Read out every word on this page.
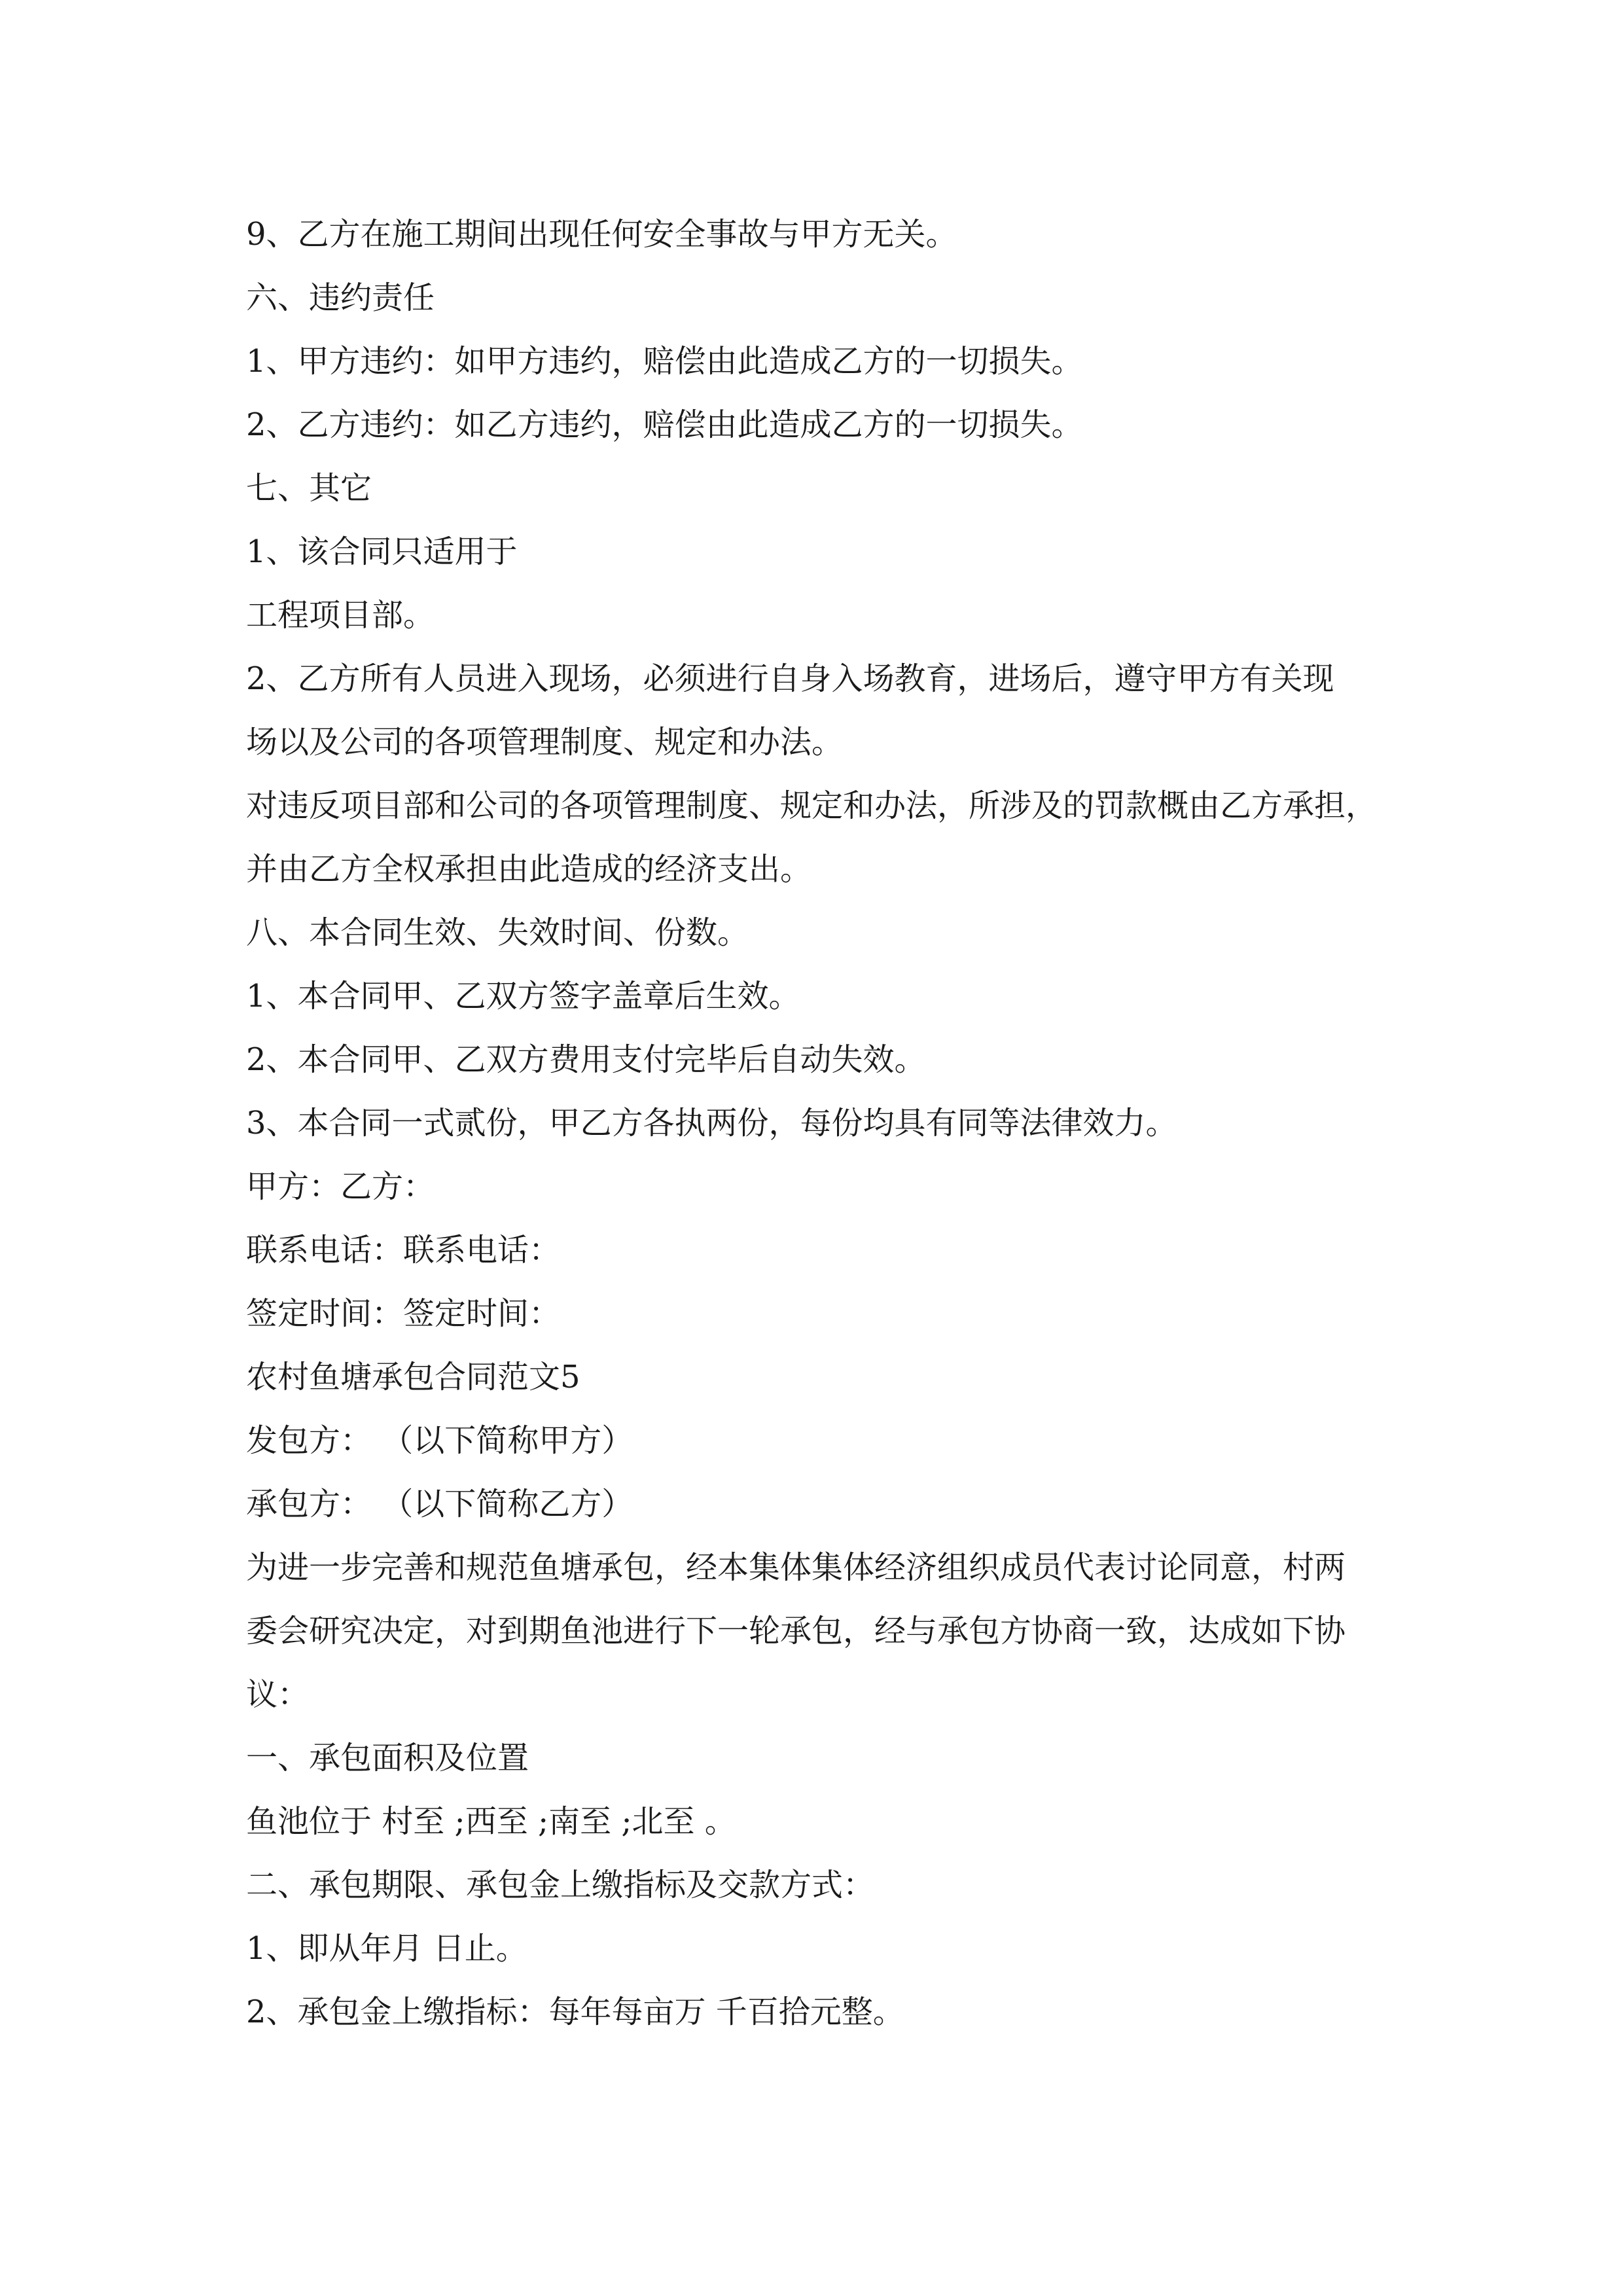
9、乙方在施工期间出现任何安全事故与甲方无关。
六、违约责任
1、甲方违约：如甲方违约，赔偿由此造成乙方的一切损失。
2、乙方违约：如乙方违约，赔偿由此造成乙方的一切损失。
七、其它
1、该合同只适用于
工程项目部。
2、乙方所有人员进入现场，必须进行自身入场教育，进场后，遵守甲方有关现
场以及公司的各项管理制度、规定和办法。
对违反项目部和公司的各项管理制度、规定和办法，所涉及的罚款概由乙方承担，
并由乙方全权承担由此造成的经济支出。
八、本合同生效、失效时间、份数。
1、本合同甲、乙双方签字盖章后生效。
2、本合同甲、乙双方费用支付完毕后自动失效。
3、本合同一式贰份，甲乙方各执两份，每份均具有同等法律效力。
甲方：乙方：
联系电话：联系电话：
签定时间：签定时间：
农村鱼塘承包合同范文5
发包方： （以下简称甲方）
承包方： （以下简称乙方）
为进一步完善和规范鱼塘承包，经本集体集体经济组织成员代表讨论同意，村两
委会研究决定，对到期鱼池进行下一轮承包，经与承包方协商一致，达成如下协
议：
一、承包面积及位置
鱼池位于 村至 ;西至 ;南至 ;北至 。
二、承包期限、承包金上缴指标及交款方式：
1、即从年月 日止。
2、承包金上缴指标：每年每亩万 千百拾元整。
